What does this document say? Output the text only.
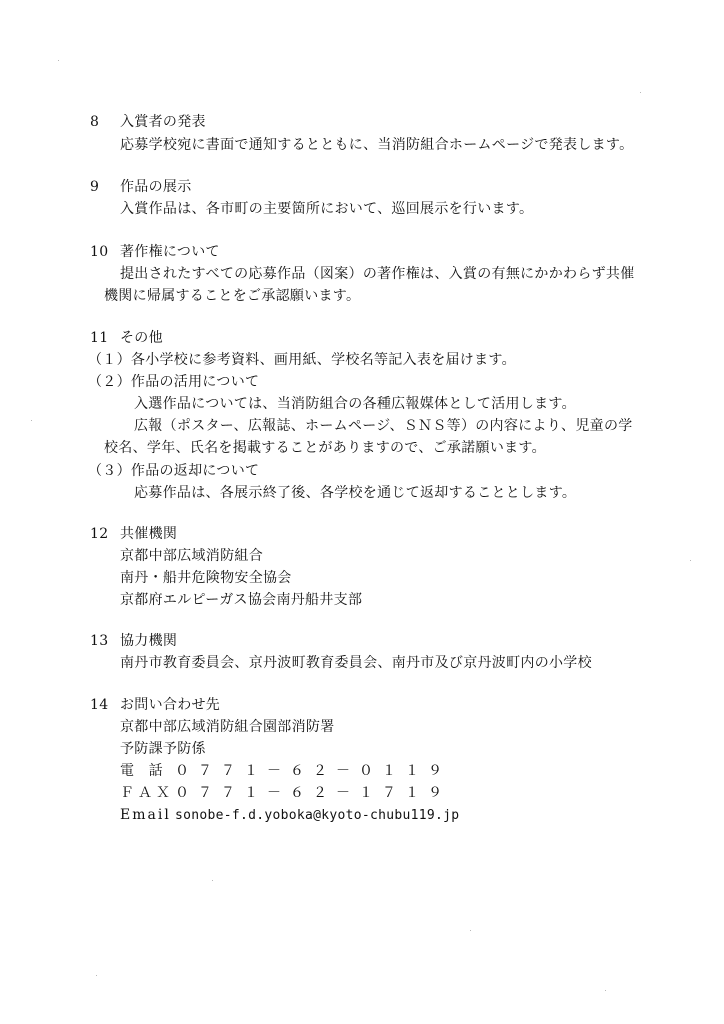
8 入賞者の発表
応募学校宛に書面で通知するとともに、当消防組合ホームページで発表します。
9 作品の展示
入賞作品は、各市町の主要箇所において、巡回展示を行います。
10 著作権について
提出されたすべての応募作品（図案）の著作権は、入賞の有無にかかわらず共催
機関に帰属することをご承認願います。
11 その他
（１）各小学校に参考資料、画用紙、学校名等記入表を届けます。
（２）作品の活用について
入選作品については、当消防組合の各種広報媒体として活用します。
広報（ポスター、広報誌、ホームページ、ＳＮＳ等）の内容により、児童の学
校名、学年、氏名を掲載することがありますので、ご承諾願います。
（３）作品の返却について
応募作品は、各展示終了後、各学校を通じて返却することとします。
12 共催機関
京都中部広域消防組合
南丹・船井危険物安全協会
京都府エルピーガス協会南丹船井支部
13 協力機関
南丹市教育委員会、京丹波町教育委員会、南丹市及び京丹波町内の小学校
14 お問い合わせ先
京都中部広域消防組合園部消防署
予防課予防係
電　話 ０７７１－６２－０１１９
ＦＡＸ ０７７１－６２－１７１９
Email sonobe-f.d.yoboka@kyoto-chubu119.jp
